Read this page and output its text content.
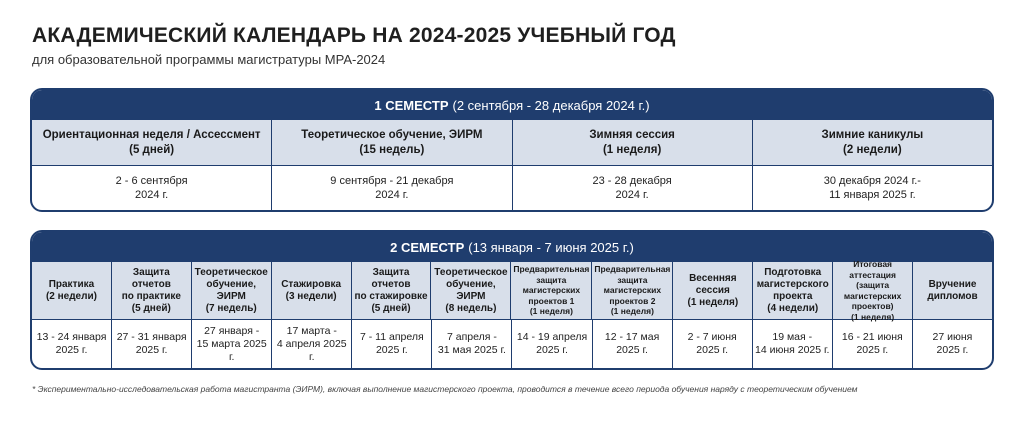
АКАДЕМИЧЕСКИЙ КАЛЕНДАРЬ НА 2024-2025 УЧЕБНЫЙ ГОД
для образовательной программы магистратуры MPA-2024
1 СЕМЕСТР (2 сентября - 28 декабря 2024 г.)
Ориентационная неделя / Ассессмент
(5 дней)
Теоретическое обучение, ЭИРМ
(15 недель)
Зимняя сессия
(1 неделя)
Зимние каникулы
(2 недели)
2 - 6 сентября
2024 г.
9 сентября - 21 декабря
2024 г.
23 - 28 декабря
2024 г.
30 декабря 2024 г.-
11 января 2025 г.
2 СЕМЕСТР (13 января - 7 июня 2025 г.)
Практика
(2 недели)
Защита отчетов
по практике
(5 дней)
Теоретическое
обучение, ЭИРМ
(7 недель)
Стажировка
(3 недели)
Защита отчетов
по стажировке
(5 дней)
Теоретическое
обучение, ЭИРМ
(8 недель)
Предварительная
защита
магистерских
проектов 1
(1 неделя)
Предварительная
защита
магистерских
проектов 2
(1 неделя)
Весенняя
сессия
(1 неделя)
Подготовка
магистерского
проекта
(4 недели)
Итоговая
аттестация (защита
магистерских
проектов)
(1 неделя)
Вручение
дипломов
13 - 24 января
2025 г.
27 - 31 января
2025 г.
27 января -
15 марта 2025 г.
17 марта -
4 апреля 2025 г.
7 - 11 апреля
2025 г.
7 апреля -
31 мая 2025 г.
14 - 19 апреля
2025 г.
12 - 17 мая
2025 г.
2 - 7 июня
2025 г.
19 мая -
14 июня 2025 г.
16 - 21 июня
2025 г.
27 июня
2025 г.
* Экспериментально-исследовательская работа магистранта (ЭИРМ), включая выполнение магистерского проекта, проводится в течение всего периода обучения наряду с теоретическим обучением
